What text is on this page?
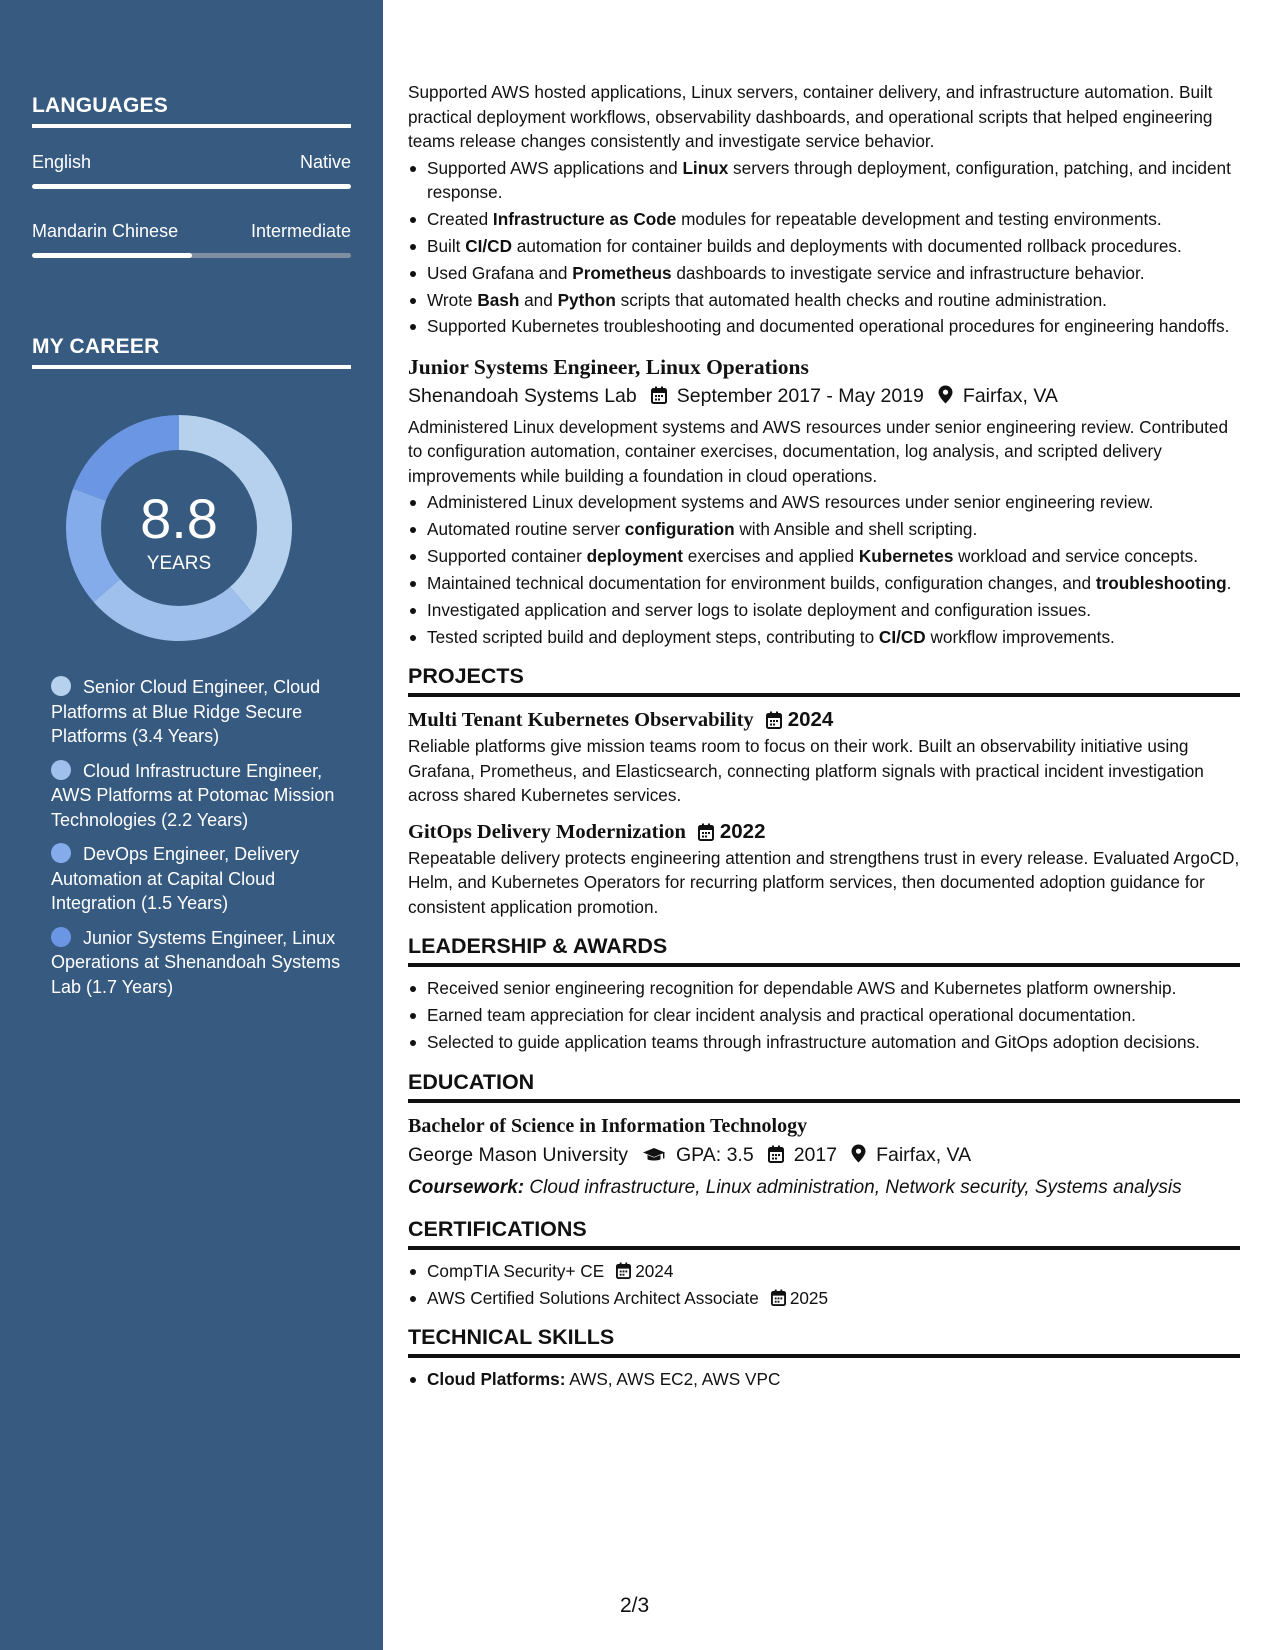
LANGUAGES
English	Native
Mandarin Chinese	Intermediate
MY CAREER
8.8
YEARS
Senior Cloud Engineer, Cloud Platforms at Blue Ridge Secure Platforms (3.4 Years)
Cloud Infrastructure Engineer, AWS Platforms at Potomac Mission Technologies (2.2 Years)
DevOps Engineer, Delivery Automation at Capital Cloud Integration (1.5 Years)
Junior Systems Engineer, Linux Operations at Shenandoah Systems Lab (1.7 Years)

Supported AWS hosted applications, Linux servers, container delivery, and infrastructure automation. Built practical deployment workflows, observability dashboards, and operational scripts that helped engineering teams release changes consistently and investigate service behavior.

Supported AWS applications and Linux servers through deployment, configuration, patching, and incident response.
Created Infrastructure as Code modules for repeatable development and testing environments.
Built CI/CD automation for container builds and deployments with documented rollback procedures.
Used Grafana and Prometheus dashboards to investigate service and infrastructure behavior.
Wrote Bash and Python scripts that automated health checks and routine administration.
Supported Kubernetes troubleshooting and documented operational procedures for engineering handoffs.
Junior Systems Engineer, Linux Operations
Shenandoah Systems Lab September 2017 - May 2019 Fairfax, VA

Administered Linux development systems and AWS resources under senior engineering review. Contributed to configuration automation, container exercises, documentation, log analysis, and scripted delivery improvements while building a foundation in cloud operations.

Administered Linux development systems and AWS resources under senior engineering review.
Automated routine server configuration with Ansible and shell scripting.
Supported container deployment exercises and applied Kubernetes workload and service concepts.
Maintained technical documentation for environment builds, configuration changes, and troubleshooting.
Investigated application and server logs to isolate deployment and configuration issues.
Tested scripted build and deployment steps, contributing to CI/CD workflow improvements.
PROJECTS
Multi Tenant Kubernetes Observability 2024

Reliable platforms give mission teams room to focus on their work. Built an observability initiative using Grafana, Prometheus, and Elasticsearch, connecting platform signals with practical incident investigation across shared Kubernetes services.

GitOps Delivery Modernization 2022

Repeatable delivery protects engineering attention and strengthens trust in every release. Evaluated ArgoCD, Helm, and Kubernetes Operators for recurring platform services, then documented adoption guidance for consistent application promotion.

LEADERSHIP & AWARDS
Received senior engineering recognition for dependable AWS and Kubernetes platform ownership.
Earned team appreciation for clear incident analysis and practical operational documentation.
Selected to guide application teams through infrastructure automation and GitOps adoption decisions.
EDUCATION
Bachelor of Science in Information Technology
George Mason University GPA: 3.5 2017 Fairfax, VA
Coursework: Cloud infrastructure, Linux administration, Network security, Systems analysis
CERTIFICATIONS
CompTIA Security+ CE 2024
AWS Certified Solutions Architect Associate 2025
TECHNICAL SKILLS
Cloud Platforms: AWS, AWS EC2, AWS VPC
2/3
